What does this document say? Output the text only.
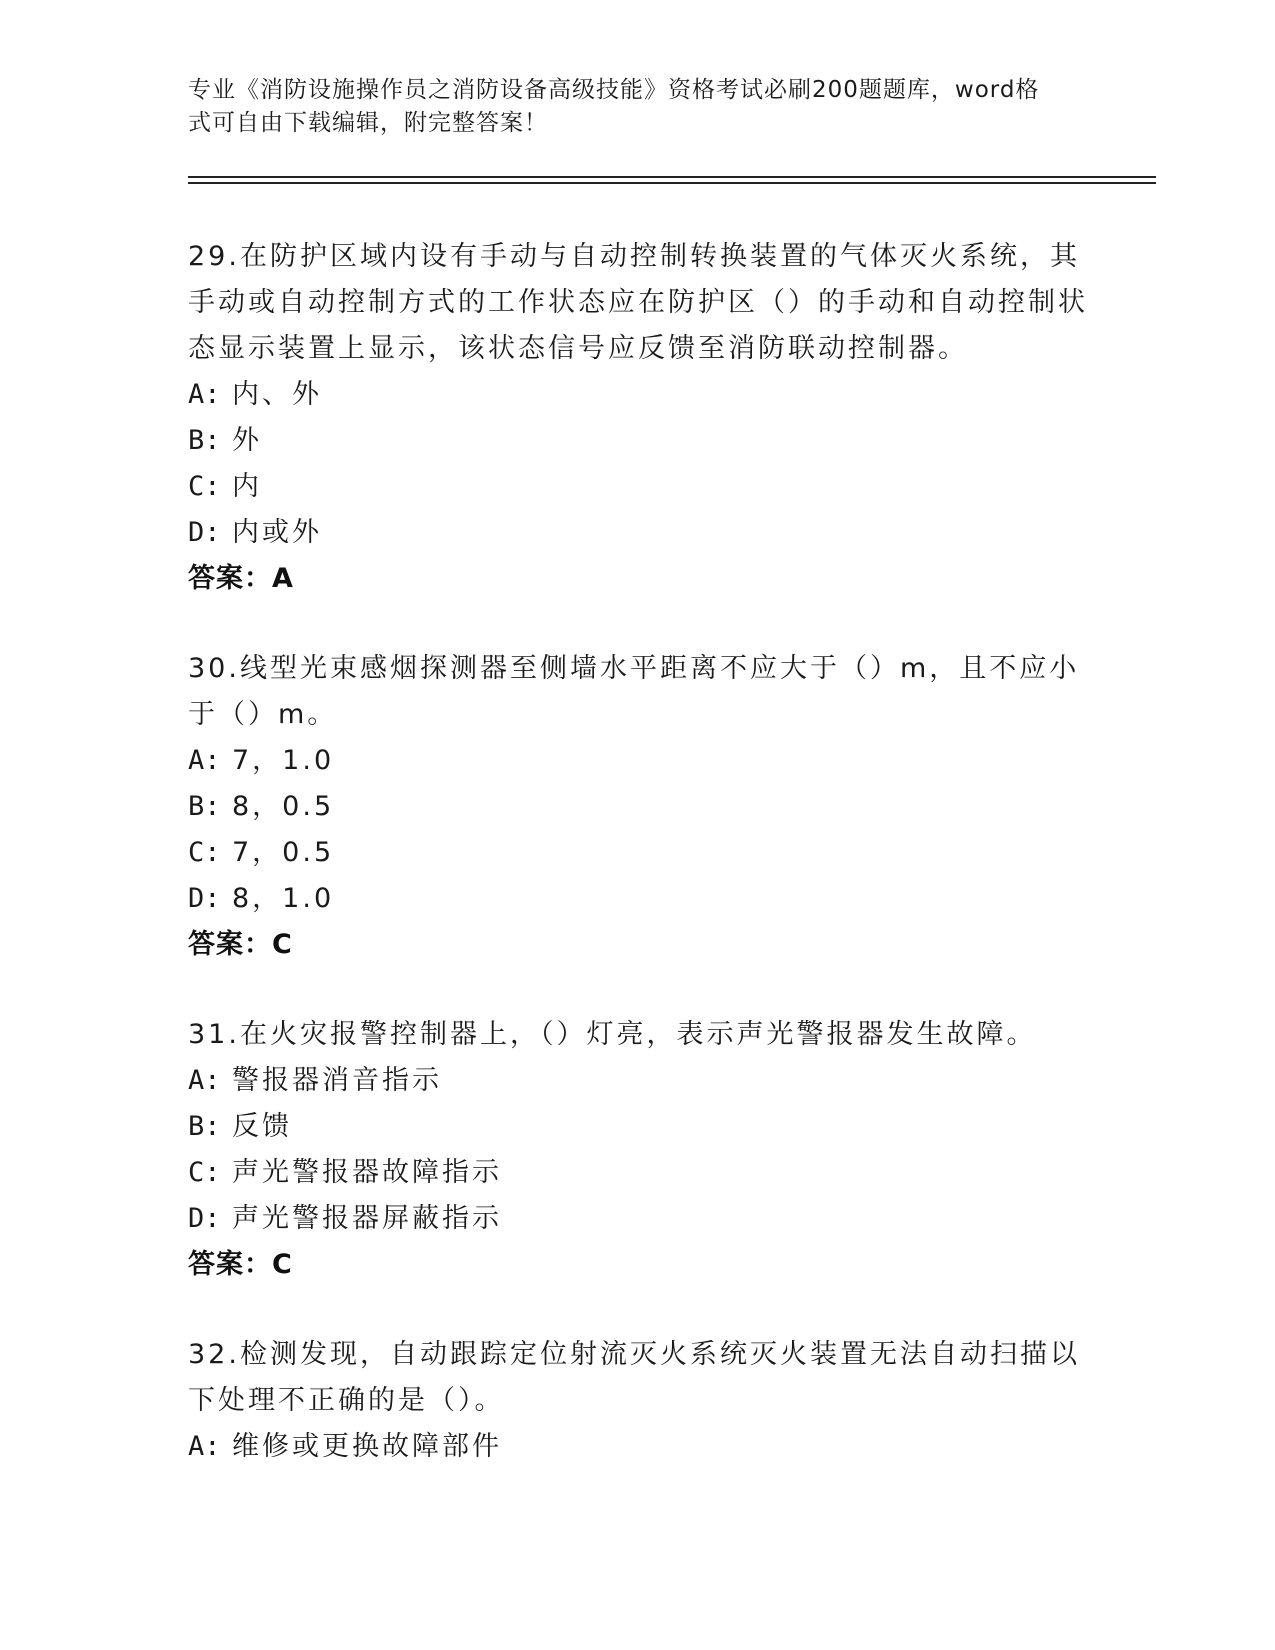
专业《消防设施操作员之消防设备高级技能》资格考试必刷200题题库，word格
式可自由下载编辑，附完整答案！
29.在防护区域内设有手动与自动控制转换装置的气体灭火系统，其手动或自动控制方式的工作状态应在防护区（）的手动和自动控制状态显示装置上显示，该状态信号应反馈至消防联动控制器。
A: 内、外
B: 外
C: 内
D: 内或外
答案：A
30.线型光束感烟探测器至侧墙水平距离不应大于（）m，且不应小于（）m。
A: 7，1.0
B: 8，0.5
C: 7，0.5
D: 8，1.0
答案：C
31.在火灾报警控制器上，（）灯亮，表示声光警报器发生故障。
A: 警报器消音指示
B: 反馈
C: 声光警报器故障指示
D: 声光警报器屏蔽指示
答案：C
32.检测发现，自动跟踪定位射流灭火系统灭火装置无法自动扫描以下处理不正确的是（）。
A: 维修或更换故障部件
